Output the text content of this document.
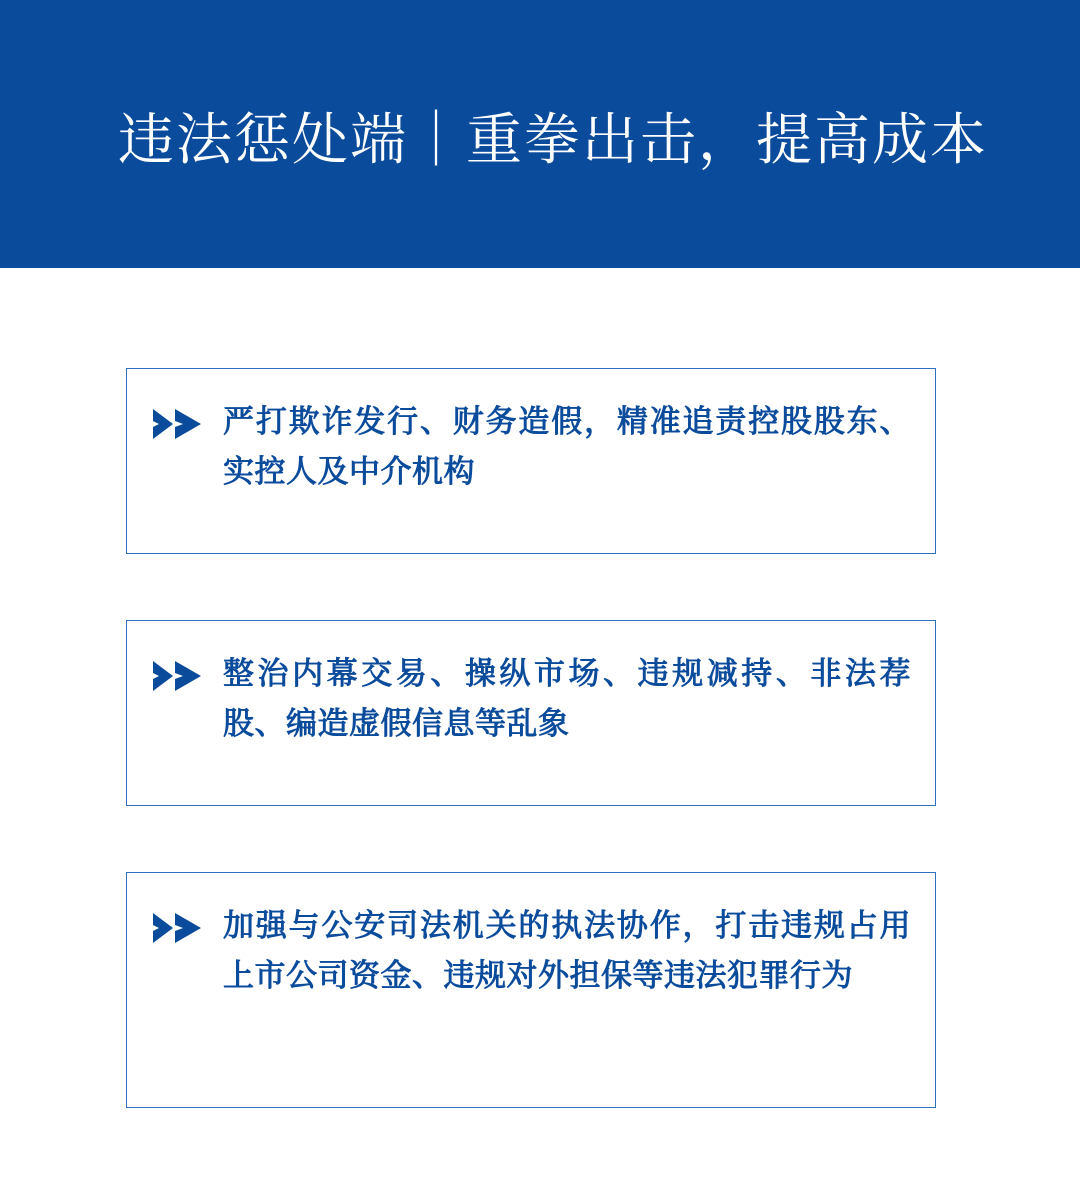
违法惩处端｜重拳出击，提高成本
严打欺诈发行、财务造假，精准追责控股股东、实控人及中介机构
整治内幕交易、操纵市场、违规减持、非法荐股、编造虚假信息等乱象
加强与公安司法机关的执法协作，打击违规占用上市公司资金、违规对外担保等违法犯罪行为
